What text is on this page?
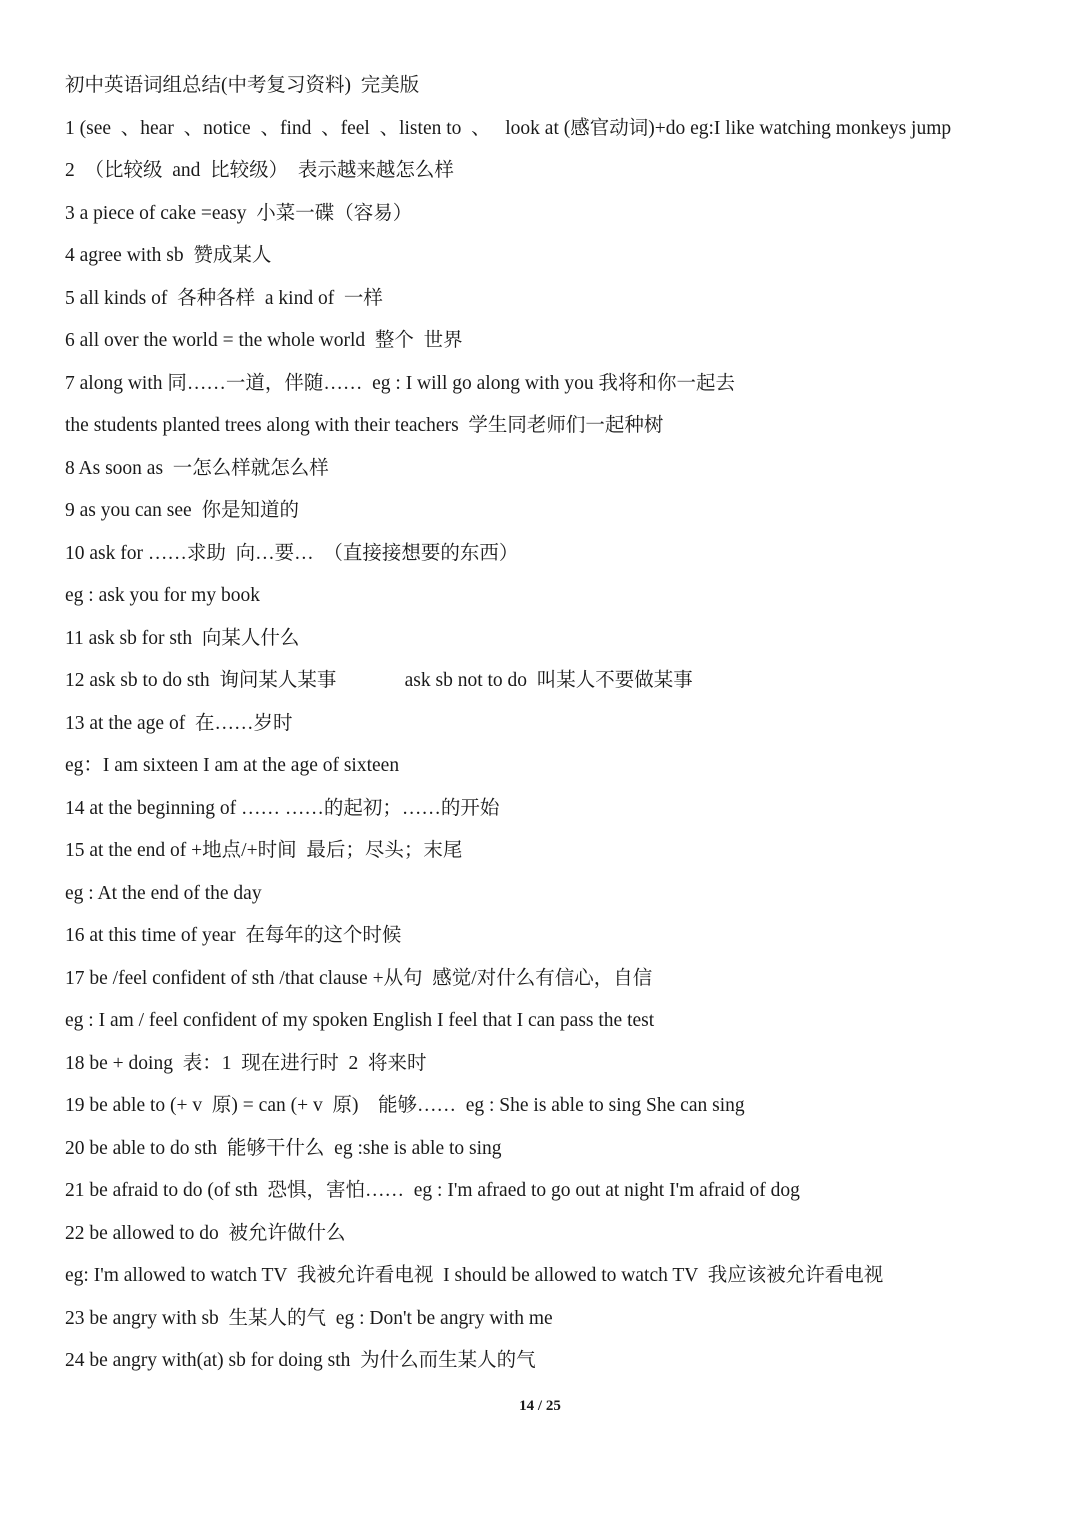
初中英语词组总结(中考复习资料)  完美版
1 (see  、hear  、notice  、find  、feel  、listen to  、   look at (感官动词)+do eg:I like watching monkeys jump
2  （比较级  and  比较级）  表示越来越怎么样
3 a piece of cake =easy  小菜一碟（容易）
4 agree with sb  赞成某人
5 all kinds of  各种各样  a kind of  一样
6 all over the world = the whole world  整个  世界
7 along with 同……一道，伴随……  eg : I will go along with you 我将和你一起去
the students planted trees along with their teachers  学生同老师们一起种树
8 As soon as  一怎么样就怎么样
9 as you can see  你是知道的
10 ask for ……求助  向…要…  （直接接想要的东西）
eg : ask you for my book
11 ask sb for sth  向某人什么
12 ask sb to do sth  询问某人某事              ask sb not to do  叫某人不要做某事
13 at the age of  在……岁时
eg：I am sixteen I am at the age of sixteen
14 at the beginning of …… ……的起初；……的开始
15 at the end of +地点/+时间  最后；尽头；末尾
eg : At the end of the day
16 at this time of year  在每年的这个时候
17 be /feel confident of sth /that clause +从句  感觉/对什么有信心，自信
eg : I am / feel confident of my spoken English I feel that I can pass the test
18 be + doing  表：1  现在进行时  2  将来时
19 be able to (+ v  原) = can (+ v  原)    能够……  eg : She is able to sing She can sing
20 be able to do sth  能够干什么  eg :she is able to sing
21 be afraid to do (of sth  恐惧，害怕……  eg : I'm afraed to go out at night I'm afraid of dog
22 be allowed to do  被允许做什么
eg: I'm allowed to watch TV  我被允许看电视  I should be allowed to watch TV  我应该被允许看电视
23 be angry with sb  生某人的气  eg : Don't be angry with me
24 be angry with(at) sb for doing sth  为什么而生某人的气
14 / 25
